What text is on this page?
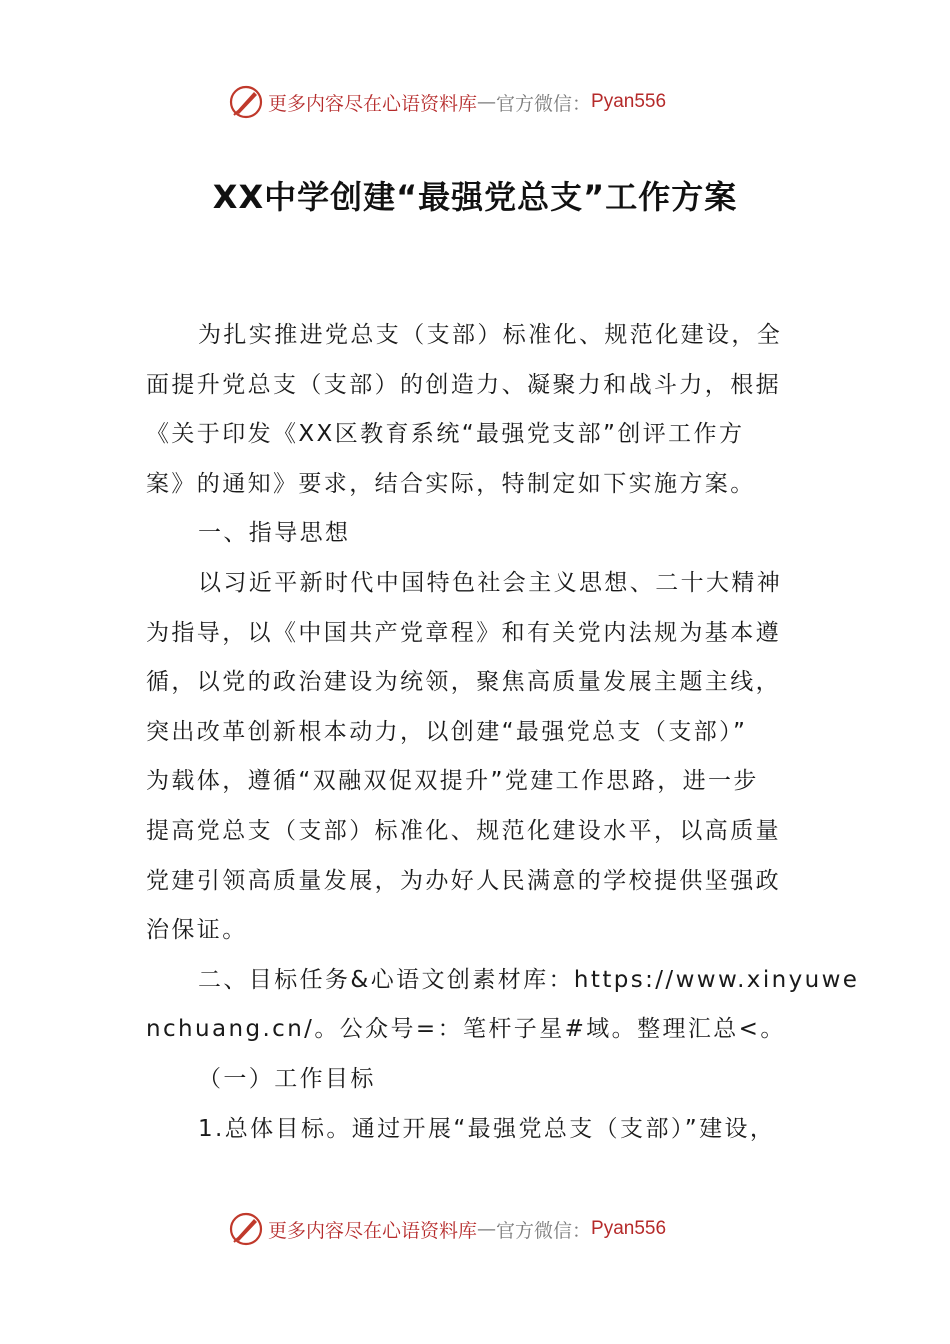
更多内容尽在心语资料库 — 官方微信： Pyan556
XX中学创建“最强党总支”工作方案
为扎实推进党总支（支部）标准化、规范化建设，全
面提升党总支（支部）的创造力、凝聚力和战斗力，根据
《关于印发《XX区教育系统“最强党支部”创评工作方
案》的通知》要求，结合实际，特制定如下实施方案。
一、指导思想
以习近平新时代中国特色社会主义思想、二十大精神
为指导，以《中国共产党章程》和有关党内法规为基本遵
循，以党的政治建设为统领，聚焦高质量发展主题主线，
突出改革创新根本动力，以创建“最强党总支（支部）”
为载体，遵循“双融双促双提升”党建工作思路，进一步
提高党总支（支部）标准化、规范化建设水平，以高质量
党建引领高质量发展，为办好人民满意的学校提供坚强政
治保证。
二、目标任务&心语文创素材库：https://www.xinyuwe
nchuang.cn/。公众号=：笔杆子星#域。整理汇总<。
（一）工作目标
1.总体目标。通过开展“最强党总支（支部）”建设，
更多内容尽在心语资料库 — 官方微信： Pyan556
